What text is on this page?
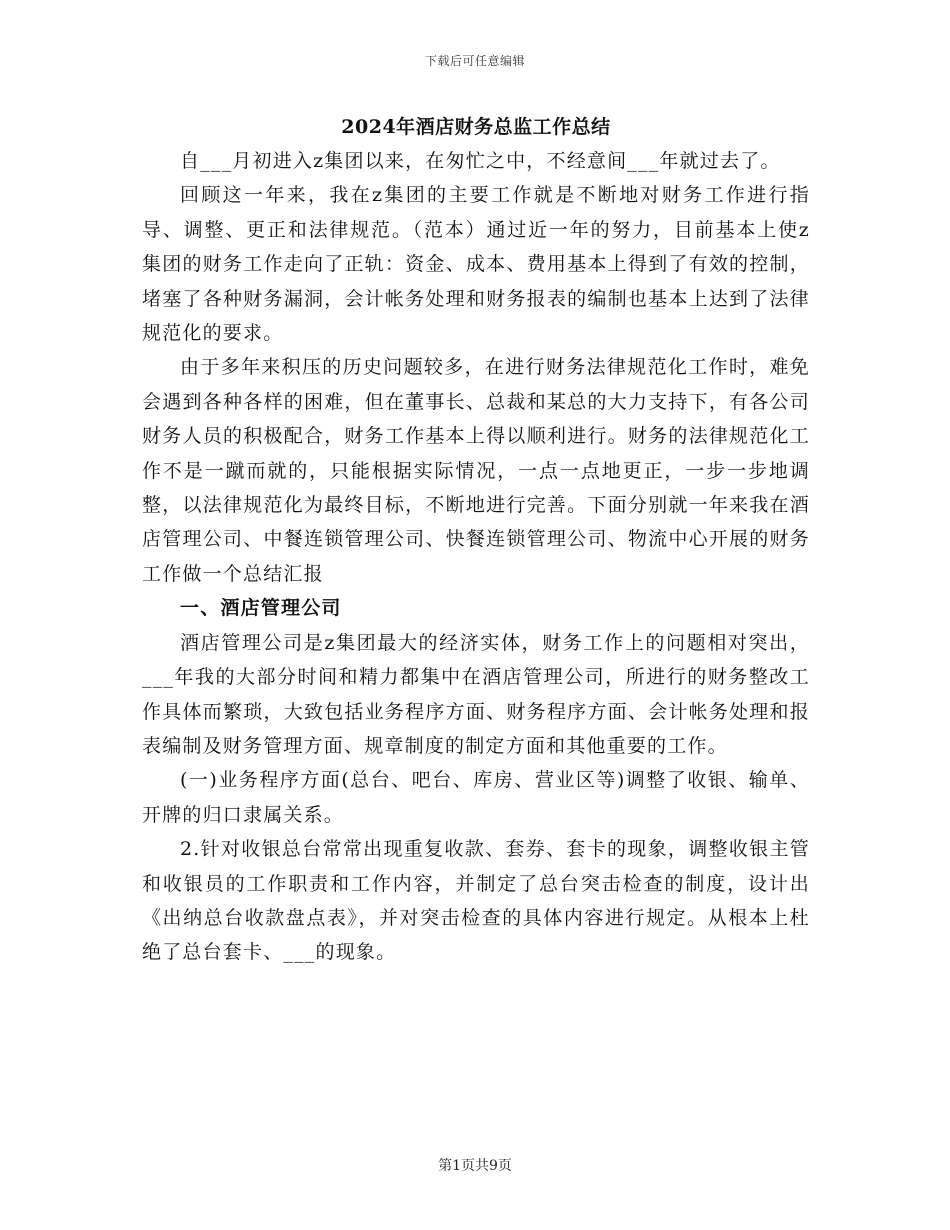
下载后可任意编辑
2024年酒店财务总监工作总结

自___月初进入z集团以来，在匆忙之中，不经意间___年就过去了。

回顾这一年来，我在z集团的主要工作就是不断地对财务工作进行指导、调整、更正和法律规范。（范本）通过近一年的努力，目前基本上使z集团的财务工作走向了正轨：资金、成本、费用基本上得到了有效的控制，堵塞了各种财务漏洞，会计帐务处理和财务报表的编制也基本上达到了法律规范化的要求。

由于多年来积压的历史问题较多，在进行财务法律规范化工作时，难免会遇到各种各样的困难，但在董事长、总裁和某总的大力支持下，有各公司财务人员的积极配合，财务工作基本上得以顺利进行。财务的法律规范化工作不是一蹴而就的，只能根据实际情况，一点一点地更正，一步一步地调整，以法律规范化为最终目标，不断地进行完善。下面分别就一年来我在酒店管理公司、中餐连锁管理公司、快餐连锁管理公司、物流中心开展的财务工作做一个总结汇报

一、酒店管理公司

酒店管理公司是z集团最大的经济实体，财务工作上的问题相对突出，___年我的大部分时间和精力都集中在酒店管理公司，所进行的财务整改工作具体而繁琐，大致包括业务程序方面、财务程序方面、会计帐务处理和报表编制及财务管理方面、规章制度的制定方面和其他重要的工作。

(一)业务程序方面(总台、吧台、库房、营业区等)调整了收银、输单、开牌的归口隶属关系。

2.针对收银总台常常出现重复收款、套券、套卡的现象，调整收银主管和收银员的工作职责和工作内容，并制定了总台突击检查的制度，设计出《出纳总台收款盘点表》，并对突击检查的具体内容进行规定。从根本上杜绝了总台套卡、___的现象。

第1页共9页
